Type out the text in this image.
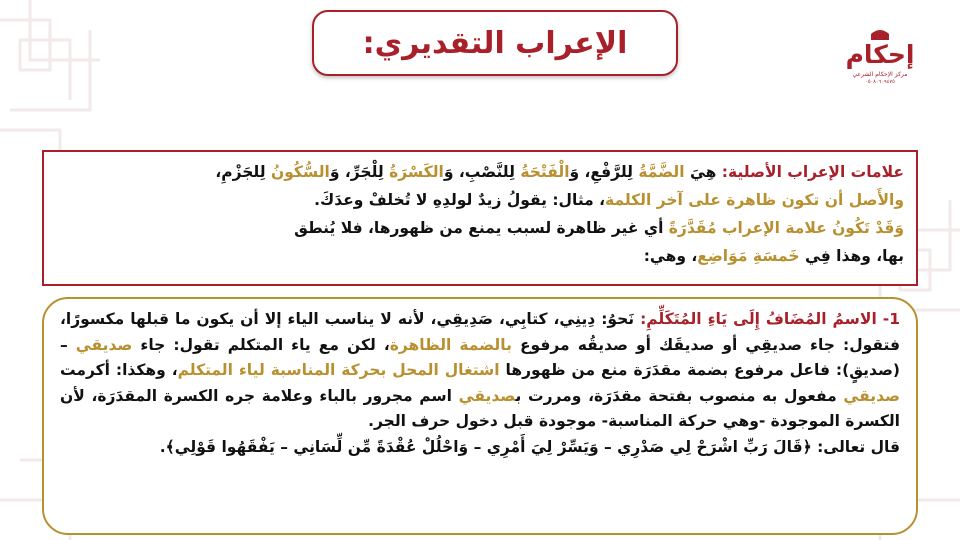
الإعراب التقديري:	إحكام
مركز الإحكام الشرعي
٠٥٠٨٠٦٠٩٤٧٥

علامات الإعراب الأصلية: هِيَ الضَّمَّةُ لِلرَّفْعِ، وَالْفَتْحَةُ لِلنَّصْبِ، وَالكَسْرَةُ لِلْجَرِّ، وَالسُّكُونُ لِلجَزْمِ،

والأَصل أن تكون ظاهرة على آخر الكلمة، مثال: يقولُ زيدٌ لولدِهِ لا تُخلفْ وعدَكَ.

وَقَدْ تَكُونُ علامة الإعراب مُقَدَّرَةً أي غير ظاهرة لسبب يمنع من ظهورها، فلا يُنطق

بها، وهذا فِي خَمسَةِ مَوَاضِع، وهي:

1- الاسمُ المُضَافُ إِلَى يَاءِ المُتَكَلِّمِ: نَحوُ: دِينِي، كتابِي، صَدِيقِي، لأنه لا يناسب الياء إلا أن يكون ما قبلها مكسورًا، فتقول: جاء صديقِي أو صديقَك أو صديقُه مرفوع بالضمة الظاهرة، لكن مع ياء المتكلم تقول: جاء صديقي – (صديقٍ): فاعل مرفوع بضمة مقدَرَة منع من ظهورها اشتغال المحل بحركة المناسبة لياء المتكلم، وهكذا: أكرمت صديقي مفعول به منصوب بفتحة مقدَرَة، ومررت بصديقي اسم مجرور بالباء وعلامة جره الكسرة المقدَرَة، لأن الكسرة الموجودة -وهي حركة المناسبة- موجودة قبل دخول حرف الجر.

قال تعالى: ﴿قَالَ رَبِّ اشْرَحْ لِي صَدْرِي – وَيَسِّرْ لِيَ أَمْرِي – وَاحْلُلْ عُقْدَةً مِّن لِّسَانِي – يَفْقَهُوا قَوْلِي﴾.
